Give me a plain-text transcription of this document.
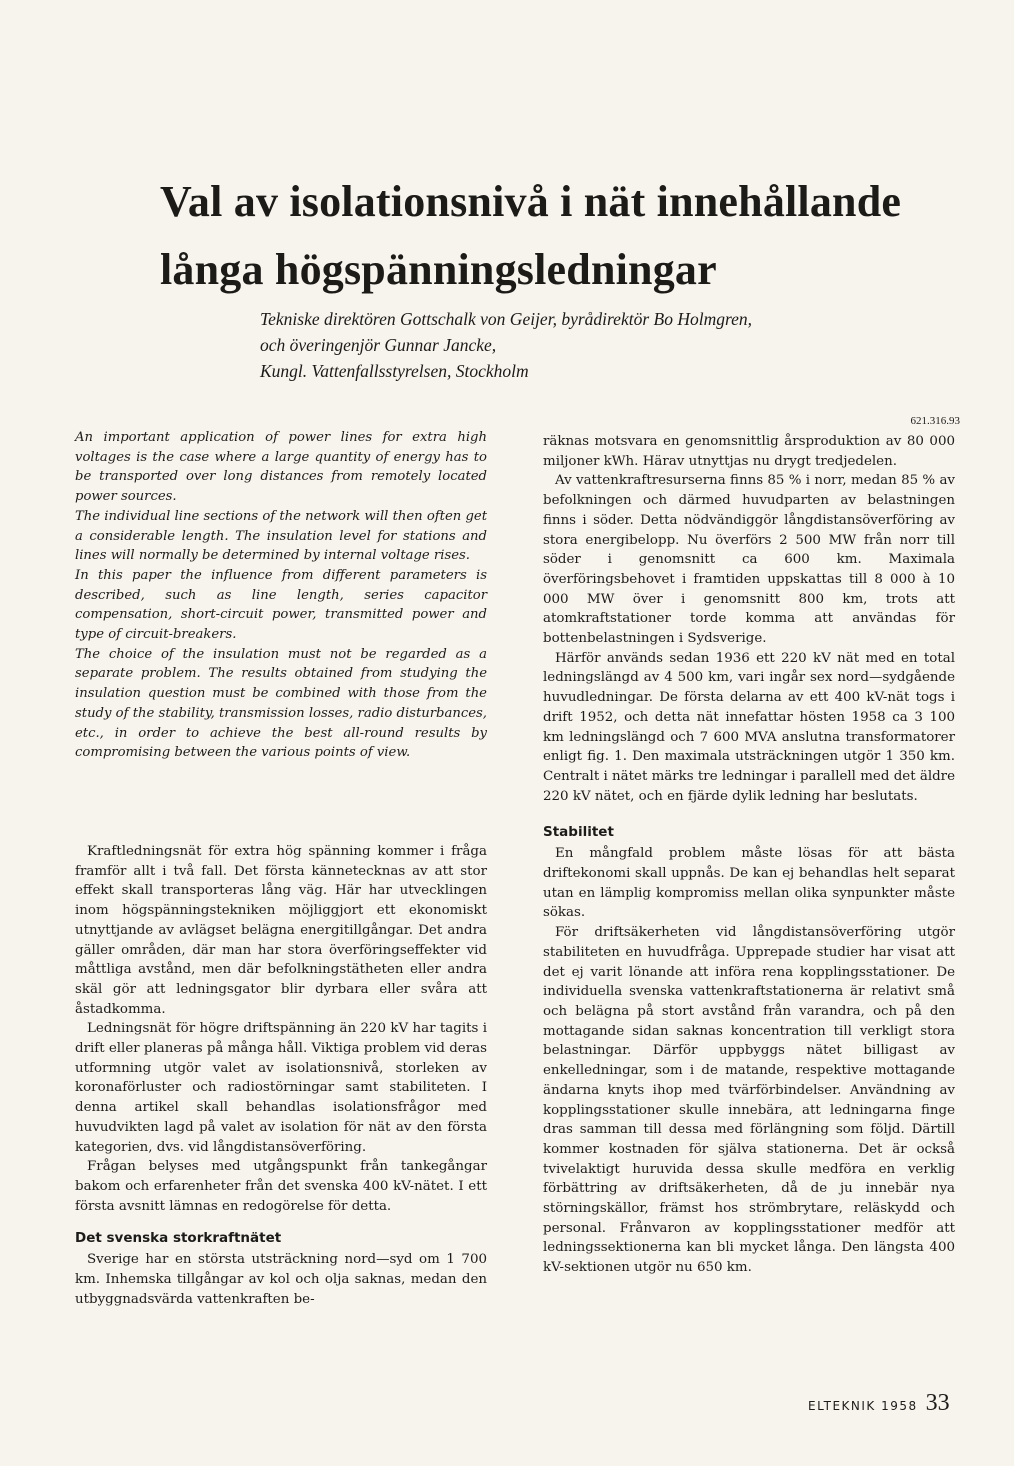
Val av isolationsnivå i nät innehållande
långa högspänningsledningar
Tekniske direktören Gottschalk von Geijer, byrådirektör Bo Holmgren,
och överingenjör Gunnar Jancke,
Kungl. Vattenfallsstyrelsen, Stockholm
621.316.93

An important application of power lines for extra high voltages is the case where a large quantity of energy has to be transported over long distances from remotely located power sources.

The individual line sections of the network will then often get a considerable length. The insulation level for stations and lines will normally be determined by internal voltage rises.

In this paper the influence from different parameters is described, such as line length, series capacitor compensation, short-circuit power, transmitted power and type of circuit-breakers.

The choice of the insulation must not be regarded as a separate problem. The results obtained from studying the insulation question must be combined with those from the study of the stability, transmission losses, radio disturbances, etc., in order to achieve the best all-round results by compromising between the various points of view.

Kraftledningsnät för extra hög spänning kommer i fråga framför allt i två fall. Det första kännetecknas av att stor effekt skall transporteras lång väg. Här har utvecklingen inom högspänningstekniken möjliggjort ett ekonomiskt utnyttjande av avlägset belägna energitillgångar. Det andra gäller områden, där man har stora överföringseffekter vid måttliga avstånd, men där befolkningstätheten eller andra skäl gör att ledningsgator blir dyrbara eller svåra att åstadkomma.

Ledningsnät för högre driftspänning än 220 kV har tagits i drift eller planeras på många håll. Viktiga problem vid deras utformning utgör valet av isolationsnivå, storleken av koronaförluster och radiostörningar samt stabiliteten. I denna artikel skall behandlas isolationsfrågor med huvudvikten lagd på valet av isolation för nät av den första kategorien, dvs. vid långdistansöverföring.

Frågan belyses med utgångspunkt från tankegångar bakom och erfarenheter från det svenska 400 kV-nätet. I ett första avsnitt lämnas en redogörelse för detta.

Det svenska storkraftnätet

Sverige har en största utsträckning nord—syd om 1 700 km. Inhemska tillgångar av kol och olja saknas, medan den utbyggnadsvärda vattenkraften be-

räknas motsvara en genomsnittlig årsproduktion av 80 000 miljoner kWh. Härav utnyttjas nu drygt tredjedelen.

Av vattenkraftresurserna finns 85 % i norr, medan 85 % av befolkningen och därmed huvudparten av belastningen finns i söder. Detta nödvändiggör långdistansöverföring av stora energibelopp. Nu överförs 2 500 MW från norr till söder i genomsnitt ca 600 km. Maximala överföringsbehovet i framtiden uppskattas till 8 000 à 10 000 MW över i genomsnitt 800 km, trots att atomkraftstationer torde komma att användas för bottenbelastningen i Sydsverige.

Härför används sedan 1936 ett 220 kV nät med en total ledningslängd av 4 500 km, vari ingår sex nord—sydgående huvudledningar. De första delarna av ett 400 kV-nät togs i drift 1952, och detta nät innefattar hösten 1958 ca 3 100 km ledningslängd och 7 600 MVA anslutna transformatorer enligt fig. 1. Den maximala utsträckningen utgör 1 350 km. Centralt i nätet märks tre ledningar i parallell med det äldre 220 kV nätet, och en fjärde dylik ledning har beslutats.

Stabilitet

En mångfald problem måste lösas för att bästa driftekonomi skall uppnås. De kan ej behandlas helt separat utan en lämplig kompromiss mellan olika synpunkter måste sökas.

För driftsäkerheten vid långdistansöverföring utgör stabiliteten en huvudfråga. Upprepade studier har visat att det ej varit lönande att införa rena kopplingsstationer. De individuella svenska vattenkraftstationerna är relativt små och belägna på stort avstånd från varandra, och på den mottagande sidan saknas koncentration till verkligt stora belastningar. Därför uppbyggs nätet billigast av enkelledningar, som i de matande, respektive mottagande ändarna knyts ihop med tvärförbindelser. Användning av kopplingsstationer skulle innebära, att ledningarna finge dras samman till dessa med förlängning som följd. Därtill kommer kostnaden för själva stationerna. Det är också tvivelaktigt huruvida dessa skulle medföra en verklig förbättring av driftsäkerheten, då de ju innebär nya störningskällor, främst hos strömbrytare, reläskydd och personal. Frånvaron av kopplingsstationer medför att ledningssektionerna kan bli mycket långa. Den längsta 400 kV-sektionen utgör nu 650 km.

ELTEKNIK 1958 33
